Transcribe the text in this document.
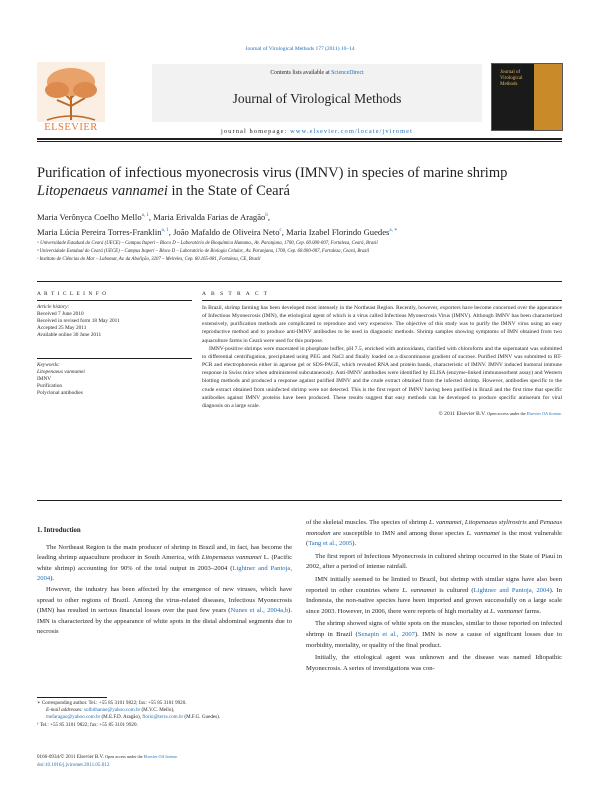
Journal of Virological Methods 177 (2011) 10–14
Contents lists available at ScienceDirect
Journal of Virological Methods
journal homepage: www.elsevier.com/locate/jviromet
ELSEVIER
Journal of Virological Methods
Purification of infectious myonecrosis virus (IMNV) in species of marine shrimp
Litopenaeus vannamei in the State of Ceará
Maria Verônyca Coelho Mello$^{a, 1}$, Maria Erivalda Farias de Aragão$^b$,
Maria Lúcia Pereira Torres-Franklin$^{a, 1}$, João Mafaldo de Oliveira Neto$^c$, Maria Izabel Florindo Guedes$^{a, ∗}$
ᵃ Universidade Estadual do Ceará (UECE) – Campus Itaperi – Bloco D – Laboratório de Bioquímica Humana., Av. Paranjana, 1700, Cep. 60.000-007, Fortaleza, Ceará, Brazil
ᵇ Universidade Estadual do Ceará (UECE) – Campus Itaperi – Bloco D – Laboratório de Biologia Celular., Av. Paranjana, 1700, Cep. 60.000-007, Fortaleza, Ceará, Brazil
ᶜ Instituto de Ciências do Mar – Labomar, Av. da Abolição, 3207 – Meireles, Cep. 60.165-081, Fortaleza, CE, Brazil
A R T I C L E I N F O
Article history:
Received 7 June 2010
Received in revised form 18 May 2011
Accepted 25 May 2011
Available online 30 June 2011
Keywords:
Litopenaeus vannamei
IMNV
Purification
Polyclonal antibodies
A B S T R A C T

In Brazil, shrimp farming has been developed most intensely in the Northeast Region. Recently, however, exporters have become concerned over the appearance of Infectious Myonecrosis (IMN), the etiological agent of which is a virus called Infectious Myonecrosis Virus (IMNV). Although IMNV has been characterized extensively, purification methods are complicated to reproduce and very expensive. The objective of this study was to purify the IMNV virus using an easy reproductive method and to produce anti-IMNV antibodies to be used in diagnostic methods. Shrimp samples showing symptoms of IMN obtained from two aquaculture farms in Ceará were used for this purpose.

IMNV-positive shrimps were macerated in phosphate buffer, pH 7.5, enriched with antioxidants, clarified with chloroform and the supernatant was submitted to differential centrifugation, precipitated using PEG and NaCl and finally loaded on a discontinuous gradient of sucrose. Purified IMNV was submitted to RT-PCR and electrophoresis either in agarose gel or SDS-PAGE, which revealed RNA and protein bands, characteristic of IMNV. IMNV induced humoral immune response in Swiss mice when administered subcutaneously. Anti-IMNV antibodies were identified by ELISA (enzyme-linked immunosorbent assay) and Western blotting methods and produced a response against purified IMNV and the crude extract obtained from the infected shrimp. However, antibodies specific to the crude extract obtained from uninfected shrimp were not detected. This is the first report of IMNV having been purified in Brazil and the first time that specific antibodies against IMNV proteins have been produced. These results suggest that easy methods can be developed to produce specific antiserum for viral diagnosis on a large scale.

© 2011 Elsevier B.V. Open access under the Elsevier OA license.

1. Introduction

The Northeast Region is the main producer of shrimp in Brazil and, in fact, has become the leading shrimp aquaculture producer in South America, with Litopenaeus vannamei L. (Pacific white shrimp) accounting for 90% of the total output in 2003–2004 (Lightner and Pantoja, 2004).

However, the industry has been affected by the emergence of new viruses, which have spread to other regions of Brazil. Among the virus-related diseases, Infectious Myonecrosis (IMN) has resulted in serious financial losses over the past few years (Nunes et al., 2004a,b). IMN is characterized by the appearance of white spots in the distal abdominal segments due to necrosis

of the skeletal muscles. The species of shrimp L. vannamei, Litopenaeus stylirostris and Penaeus monodon are susceptible to IMN and among these species L. vannamei is the most vulnerable (Tang et al., 2005).

The first report of Infectious Myonecrosis in cultured shrimp occurred in the State of Piauí in 2002, after a period of intense rainfall.

IMN initially seemed to be limited to Brazil, but shrimp with similar signs have also been reported in other countries where L. vannamei is cultured (Lightner and Pantoja, 2004). In Indonesia, the non-native species have been imported and grown successfully on a large scale since 2003. However, in 2006, there were reports of high mortality at L. vannamei farms.

The shrimp showed signs of white spots on the muscles, similar to those reported on infected shrimp in Brazil (Senapin et al., 2007). IMN is now a cause of significant losses due to morbidity, mortality, or quality of the final product.

Initially, the etiological agent was unknown and the disease was named Idiopathic Myonecrosis. A series of investigations was con-

∗ Corresponding author. Tel.: +55 85 3101 9822; fax: +55 85 3101 9920.
E-mail addresses: solbithanne@yahoo.com.br (M.V.C. Mello),
mefaragao@yahoo.com.br (M.E.F.D. Aragão), florio@terra.com.br (M.F.G. Guedes).
¹ Tel.: +55 85 3101 9822; fax: +55 85 3101 9920.
0166-0934/© 2011 Elsevier B.V. Open access under the Elsevier OA license.
doi:10.1016/j.jviromet.2011.05.012
